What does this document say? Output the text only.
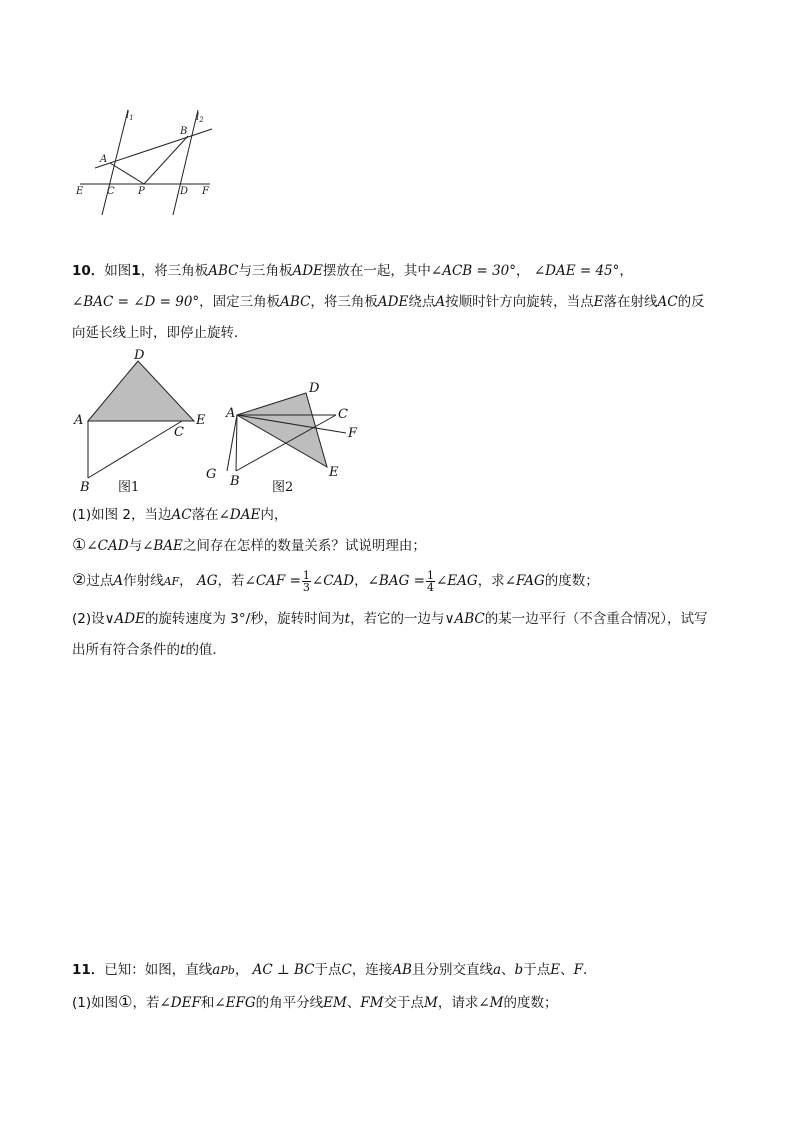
$l_1$	$l_2$
A
B
C	D
E	F
P
10．如图1，将三角板ABC与三角板ADE摆放在一起，其中∠ACB = 30°， ∠DAE = 45°，
∠BAC = ∠D = 90°，固定三角板ABC，将三角板ADE绕点A按顺时针方向旋转，当点E落在射线AC的反
向延长线上时，即停止旋转．
D
A	E
C
B 图1
D
A	C
F
E
G B 图2
(1)如图 2，当边AC落在∠DAE内，
①∠CAD与∠BAE之间存在怎样的数量关系？试说明理由；
②过点A作射线AF， AG，若∠CAF = $\frac{1}{3}$ ∠CAD，∠BAG = $\frac{1}{4}$ ∠EAG，求∠FAG的度数；
(2)设∨ADE的旋转速度为 3°/秒，旋转时间为t，若它的一边与∨ABC的某一边平行（不含重合情况），试写
出所有符合条件的t的值．
11．已知：如图，直线aPb， AC ⊥ BC于点C，连接AB且分别交直线a、b于点E、F．
(1)如图①，若∠DEF和∠EFG的角平分线EM、FM交于点M，请求∠M的度数；
